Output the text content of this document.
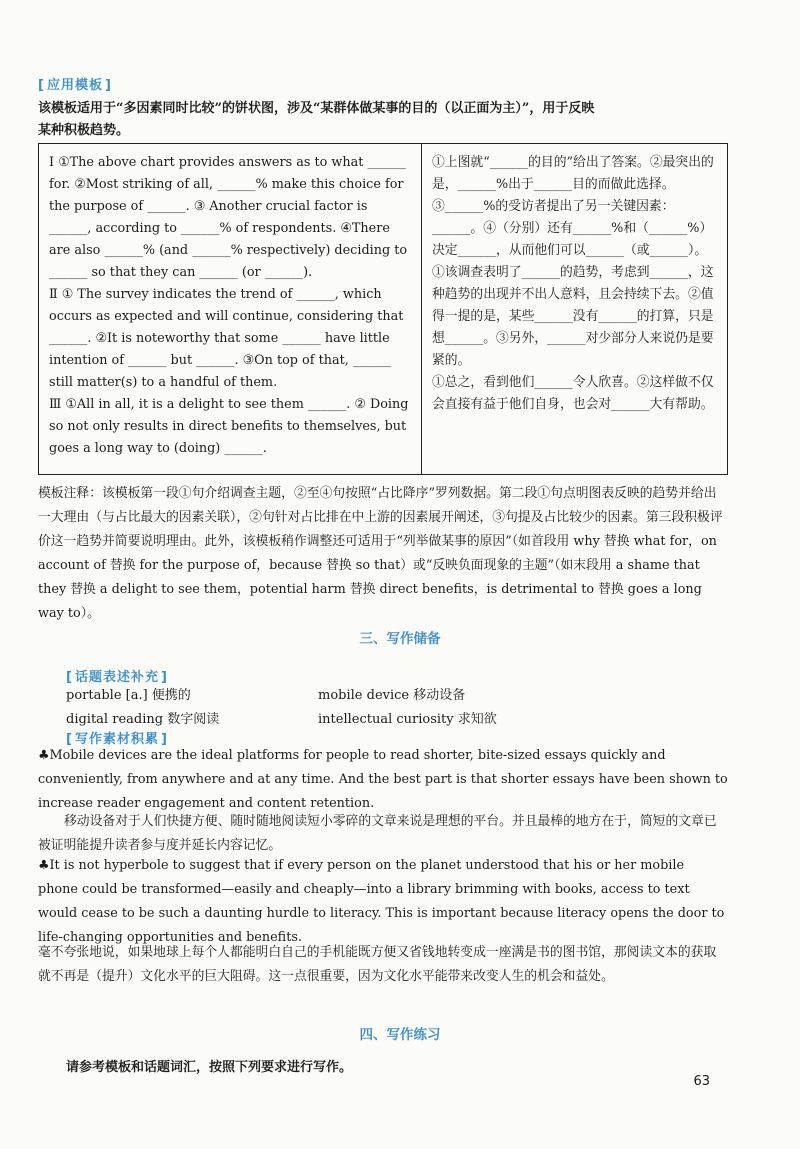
[ 应用模板 ]
该模板适用于“多因素同时比较”的饼状图，涉及“某群体做某事的目的（以正面为主）”，用于反映
某种积极趋势。

Ⅰ ①The above chart provides answers as to what ______ for. ②Most striking of all, ______% make this choice for the purpose of ______. ③ Another crucial factor is ______, according to ______% of respondents. ④There are also ______% (and ______% respectively) deciding to ______ so that they can ______ (or ______).

Ⅱ ① The survey indicates the trend of ______, which occurs as expected and will continue, considering that ______. ②It is noteworthy that some ______ have little intention of ______ but ______. ③On top of that, ______ still matter(s) to a handful of them.

Ⅲ ①All in all, it is a delight to see them ______. ② Doing so not only results in direct benefits to themselves, but goes a long way to (doing) ______.

①上图就“______的目的”给出了答案。②最突出的是，______%出于______目的而做此选择。③______%的受访者提出了另一关键因素：______。④（分别）还有______%和（______%）决定______，从而他们可以______（或______）。

①该调查表明了______的趋势，考虑到______，这种趋势的出现并不出人意料，且会持续下去。②值得一提的是，某些______没有______的打算，只是想______。③另外，______对少部分人来说仍是要紧的。

①总之，看到他们______令人欣喜。②这样做不仅会直接有益于他们自身，也会对______大有帮助。

模板注释：该模板第一段①句介绍调查主题，②至④句按照“占比降序”罗列数据。第二段①句点明图表反映的趋势并给出一大理由（与占比最大的因素关联），②句针对占比排在中上游的因素展开阐述，③句提及占比较少的因素。第三段积极评价这一趋势并简要说明理由。此外，该模板稍作调整还可适用于“列举做某事的原因”（如首段用 why 替换 what for，on account of 替换 for the purpose of，because 替换 so that）或“反映负面现象的主题”（如末段用 a shame that they 替换 a delight to see them，potential harm 替换 direct benefits，is detrimental to 替换 goes a long way to）。
三、写作储备
[ 话题表述补充 ]
portable [a.] 便携的	mobile device 移动设备
digital reading 数字阅读	intellectual curiosity 求知欲
[ 写作素材积累 ]
♣Mobile devices are the ideal platforms for people to read shorter, bite-sized essays quickly and conveniently, from anywhere and at any time. And the best part is that shorter essays have been shown to increase reader engagement and content retention.
移动设备对于人们快捷方便、随时随地阅读短小零碎的文章来说是理想的平台。并且最棒的地方在于，简短的文章已被证明能提升读者参与度并延长内容记忆。
♣It is not hyperbole to suggest that if every person on the planet understood that his or her mobile phone could be transformed—easily and cheaply—into a library brimming with books, access to text would cease to be such a daunting hurdle to literacy. This is important because literacy opens the door to life-changing opportunities and benefits.
毫不夸张地说，如果地球上每个人都能明白自己的手机能既方便又省钱地转变成一座满是书的图书馆，那阅读文本的获取就不再是（提升）文化水平的巨大阻碍。这一点很重要，因为文化水平能带来改变人生的机会和益处。
四、写作练习
请参考模板和话题词汇，按照下列要求进行写作。
63
